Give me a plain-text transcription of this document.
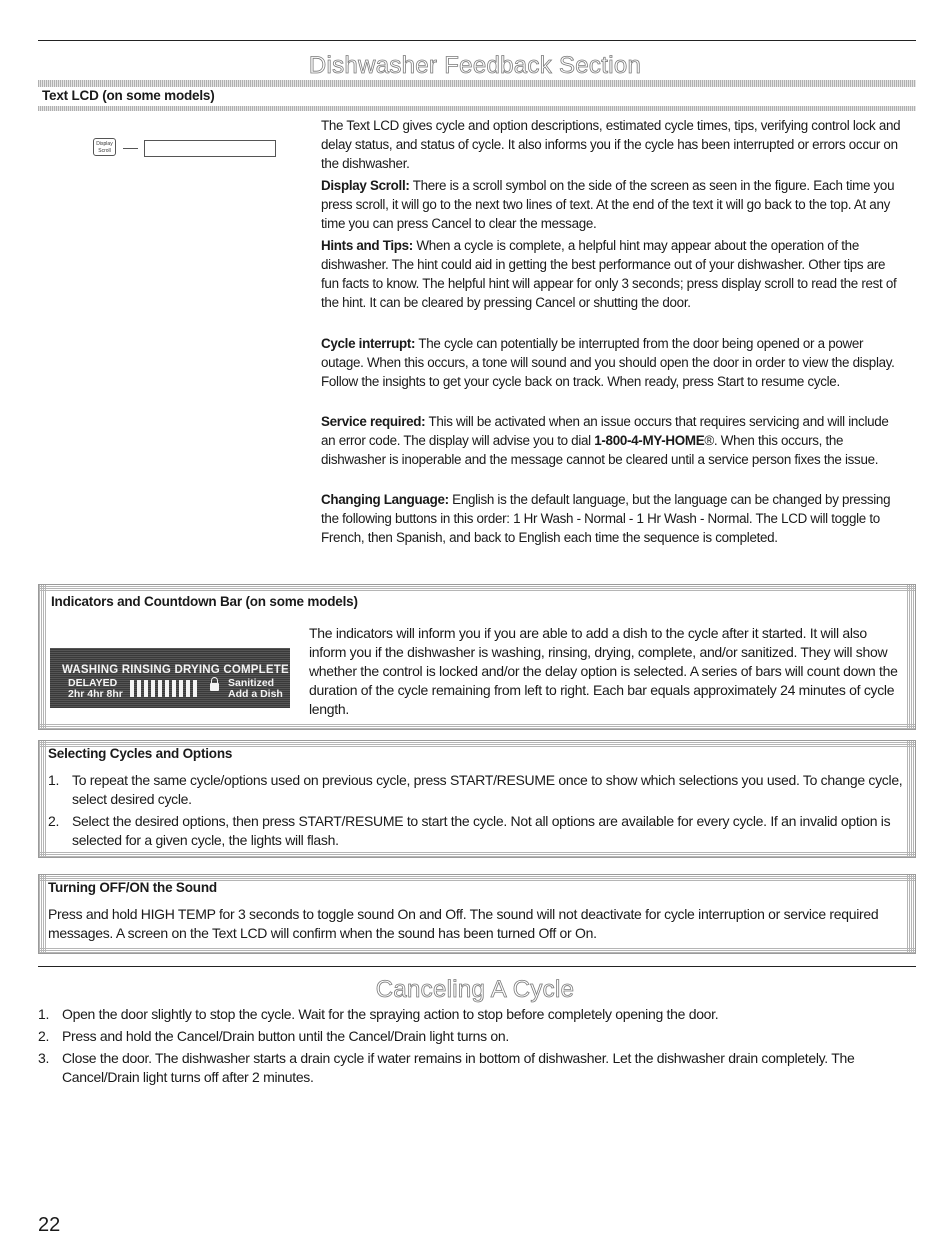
Dishwasher Feedback Section
Text LCD (on some models)
Display
Scroll
The Text LCD gives cycle and option descriptions, estimated cycle times, tips, verifying control lock and delay status, and status of cycle. It also informs you if the cycle has been interrupted or errors occur on the dishwasher.
Display Scroll: There is a scroll symbol on the side of the screen as seen in the figure. Each time you press scroll, it will go to the next two lines of text. At the end of the text it will go back to the top. At any time you can press Cancel to clear the message.
Hints and Tips: When a cycle is complete, a helpful hint may appear about the operation of the dishwasher. The hint could aid in getting the best performance out of your dishwasher. Other tips are fun facts to know. The helpful hint will appear for only 3 seconds; press display scroll to read the rest of the hint. It can be cleared by pressing Cancel or shutting the door.
Cycle interrupt: The cycle can potentially be interrupted from the door being opened or a power outage. When this occurs, a tone will sound and you should open the door in order to view the display. Follow the insights to get your cycle back on track. When ready, press Start to resume cycle.
Service required: This will be activated when an issue occurs that requires servicing and will include an error code. The display will advise you to dial 1-800-4-MY-HOME®. When this occurs, the dishwasher is inoperable and the message cannot be cleared until a service person fixes the issue.
Changing Language: English is the default language, but the language can be changed by pressing the following buttons in this order: 1 Hr Wash - Normal - 1 Hr Wash - Normal. The LCD will toggle to French, then Spanish, and back to English each time the sequence is completed.
Indicators and Countdown Bar (on some models)
WASHING RINSING DRYING COMPLETE
DELAYED
2hr 4hr 8hr
Sanitized
Add a Dish
The indicators will inform you if you are able to add a dish to the cycle after it started. It will also inform you if the dishwasher is washing, rinsing, drying, complete, and/or sanitized. They will show whether the control is locked and/or the delay option is selected. A series of bars will count down the duration of the cycle remaining from left to right. Each bar equals approximately 24 minutes of cycle length.
Selecting Cycles and Options
1. To repeat the same cycle/options used on previous cycle, press START/RESUME once to show which selections you used. To change cycle, select desired cycle.
2. Select the desired options, then press START/RESUME to start the cycle. Not all options are available for every cycle. If an invalid option is selected for a given cycle, the lights will flash.
Turning OFF/ON the Sound
Press and hold HIGH TEMP for 3 seconds to toggle sound On and Off. The sound will not deactivate for cycle interruption or service required messages. A screen on the Text LCD will confirm when the sound has been turned Off or On.
Canceling A Cycle
1. Open the door slightly to stop the cycle. Wait for the spraying action to stop before completely opening the door.
2. Press and hold the Cancel/Drain button until the Cancel/Drain light turns on.
3. Close the door. The dishwasher starts a drain cycle if water remains in bottom of dishwasher. Let the dishwasher drain completely. The Cancel/Drain light turns off after 2 minutes.
22
